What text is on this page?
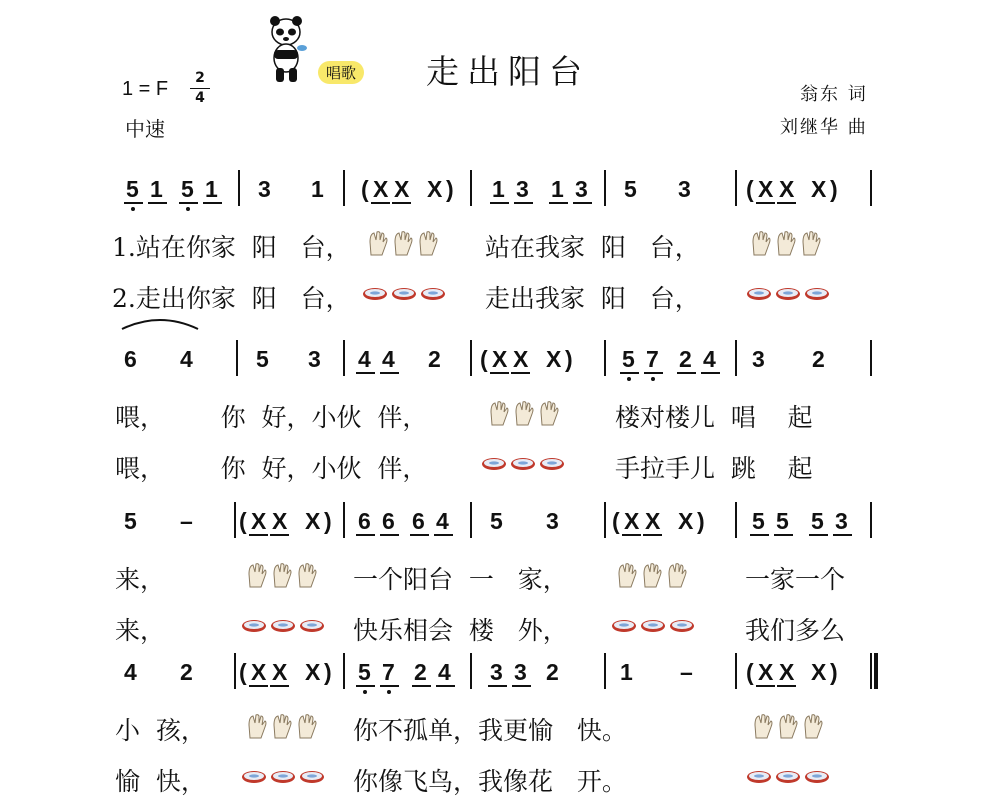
1 = F	2
4
中速
唱歌 走出阳台
翁东 词
刘继华 曲
5 1 5 1 3 1 ( X X X ) 1 3 1 3 5 3 ( X X X )
1.站在你家  阳   台，	站在我家  阳   台，
2.走出你家  阳   台，	走出我家  阳   台，
6 4	5 3 4 4 2 ( X X X ) 5 7 2 4 3 2
喂，       你  好，小伙  伴，	楼对楼儿  唱    起
喂，       你  好，小伙  伴，	手拉手儿  跳    起
5 – ( X X X ) 6 6 6 4 5 3 ( X X X ) 5 5 5 3
来，	一个阳台  一   家，	一家一个
来，	快乐相会  楼   外，	我们多么
4 2 ( X X X ) 5 7 2 4 3 3 2	1 – ( X X X )
小  孩，	你不孤单，我更愉   快。
愉  快，	你像飞鸟，我像花   开。
